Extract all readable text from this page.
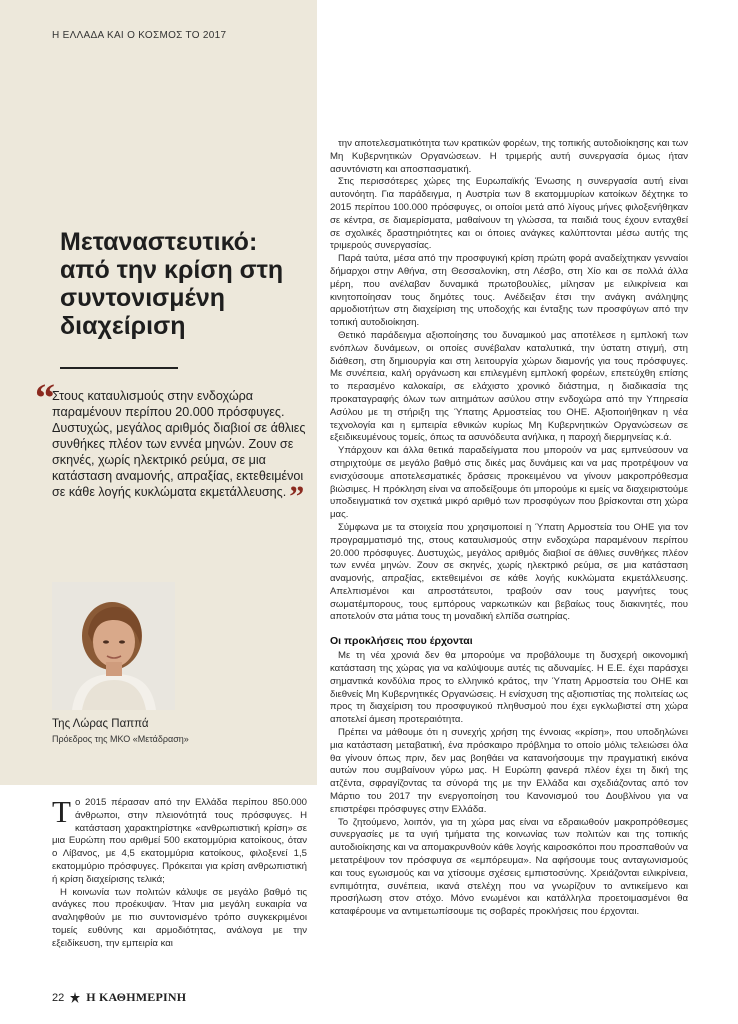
Η ΕΛΛΑΔΑ ΚΑΙ Ο ΚΟΣΜΟΣ ΤΟ 2017
Μεταναστευτικό: από την κρίση στη συντονισμένη διαχείριση
“

Στους καταυλισμούς στην ενδοχώρα παραμένουν περίπου 20.000 πρόσφυγες. Δυστυχώς, μεγάλος αριθμός διαβιοί σε άθλιες συνθήκες πλέον των εννέα μηνών. Ζουν σε σκηνές, χωρίς ηλεκτρικό ρεύμα, σε μια κατάσταση αναμονής, απραξίας, εκτεθειμένοι σε κάθε λογής κυκλώματα εκμετάλλευσης. ”

Της Λώρας Παππά
Πρόεδρος της ΜΚΟ «Μετάδραση»

Το 2015 πέρασαν από την Ελλάδα περίπου 850.000 άνθρωποι, στην πλειονότητά τους πρόσφυγες. Η κατάσταση χαρακτηρίστηκε «ανθρωπιστική κρίση» σε μια Ευρώπη που αριθμεί 500 εκατομμύρια κατοίκους, όταν ο Λίβανος, με 4,5 εκατομμύρια κατοίκους, φιλοξενεί 1,5 εκατομμύριο πρόσφυγες. Πρόκειται για κρίση ανθρωπιστική ή κρίση διαχείρισης τελικά;

Η κοινωνία των πολιτών κάλυψε σε μεγάλο βαθμό τις ανάγκες που προέκυψαν. Ήταν μια μεγάλη ευκαιρία να αναληφθούν με πιο συντονισμένο τρόπο συγκεκριμένοι τομείς ευθύνης και αρμοδιότητας, ανάλογα με την εξειδίκευση, την εμπειρία και

την αποτελεσματικότητα των κρατικών φορέων, της τοπικής αυτοδιοίκησης και των Μη Κυβερνητικών Οργανώσεων. Η τριμερής αυτή συνεργασία όμως ήταν ασυντόνιστη και αποσπασματική.

Στις περισσότερες χώρες της Ευρωπαϊκής Ένωσης η συνεργασία αυτή είναι αυτονόητη. Για παράδειγμα, η Αυστρία των 8 εκατομμυρίων κατοίκων δέχτηκε το 2015 περίπου 100.000 πρόσφυγες, οι οποίοι μετά από λίγους μήνες φιλοξενήθηκαν σε κέντρα, σε διαμερίσματα, μαθαίνουν τη γλώσσα, τα παιδιά τους έχουν ενταχθεί σε σχολικές δραστηριότητες και οι όποιες ανάγκες καλύπτονται μέσω αυτής της τριμερούς συνεργασίας.

Παρά ταύτα, μέσα από την προσφυγική κρίση πρώτη φορά αναδείχτηκαν γενναίοι δήμαρχοι στην Αθήνα, στη Θεσσαλονίκη, στη Λέσβο, στη Χίο και σε πολλά άλλα μέρη, που ανέλαβαν δυναμικά πρωτοβουλίες, μίλησαν με ειλικρίνεια και κινητοποίησαν τους δημότες τους. Ανέδειξαν έτσι την ανάγκη ανάληψης αρμοδιοτήτων στη διαχείριση της υποδοχής και ένταξης των προσφύγων από την τοπική αυτοδιοίκηση.

Θετικό παράδειγμα αξιοποίησης του δυναμικού μας αποτέλεσε η εμπλοκή των ενόπλων δυνάμεων, οι οποίες συνέβαλαν καταλυτικά, την ύστατη στιγμή, στη διάθεση, στη δημιουργία και στη λειτουργία χώρων διαμονής για τους πρόσφυγες. Με συνέπεια, καλή οργάνωση και επιλεγμένη εμπλοκή φορέων, επετεύχθη επίσης το περασμένο καλοκαίρι, σε ελάχιστο χρονικό διάστημα, η διαδικασία της προκαταγραφής όλων των αιτημάτων ασύλου στην ενδοχώρα από την Υπηρεσία Ασύλου με τη στήριξη της Ύπατης Αρμοστείας του ΟΗΕ. Αξιοποιήθηκαν η νέα τεχνολογία και η εμπειρία εθνικών κυρίως Μη Κυβερνητικών Οργανώσεων σε εξειδικευμένους τομείς, όπως τα ασυνόδευτα ανήλικα, η παροχή διερμηνείας κ.ά.

Υπάρχουν και άλλα θετικά παραδείγματα που μπορούν να μας εμπνεύσουν να στηριχτούμε σε μεγάλο βαθμό στις δικές μας δυνάμεις και να μας προτρέψουν να ενισχύσουμε αποτελεσματικές δράσεις προκειμένου να γίνουν μακροπρόθεσμα βιώσιμες. Η πρόκληση είναι να αποδείξουμε ότι μπορούμε κι εμείς να διαχειριστούμε υποδειγματικά τον σχετικά μικρό αριθμό των προσφύγων που βρίσκονται στη χώρα μας.

Σύμφωνα με τα στοιχεία που χρησιμοποιεί η Ύπατη Αρμοστεία του ΟΗΕ για τον προγραμματισμό της, στους καταυλισμούς στην ενδοχώρα παραμένουν περίπου 20.000 πρόσφυγες. Δυστυχώς, μεγάλος αριθμός διαβιοί σε άθλιες συνθήκες πλέον των εννέα μηνών. Ζουν σε σκηνές, χωρίς ηλεκτρικό ρεύμα, σε μια κατάσταση αναμονής, απραξίας, εκτεθειμένοι σε κάθε λογής κυκλώματα εκμετάλλευσης. Απελπισμένοι και απροστάτευτοι, τραβούν σαν τους μαγνήτες τους σωματέμπορους, τους εμπόρους ναρκωτικών και βεβαίως τους διακινητές, που αποτελούν στα μάτια τους τη μοναδική ελπίδα σωτηρίας.

Οι προκλήσεις που έρχονται

Με τη νέα χρονιά δεν θα μπορούμε να προβάλουμε τη δυσχερή οικονομική κατάσταση της χώρας για να καλύψουμε αυτές τις αδυναμίες. Η Ε.Ε. έχει παράσχει σημαντικά κονδύλια προς το ελληνικό κράτος, την Ύπατη Αρμοστεία του ΟΗΕ και διεθνείς Μη Κυβερνητικές Οργανώσεις. Η ενίσχυση της αξιοπιστίας της πολιτείας ως προς τη διαχείριση του προσφυγικού πληθυσμού που έχει εγκλωβιστεί στη χώρα αποτελεί άμεση προτεραιότητα.

Πρέπει να μάθουμε ότι η συνεχής χρήση της έννοιας «κρίση», που υποδηλώνει μια κατάσταση μεταβατική, ένα πρόσκαιρο πρόβλημα το οποίο μόλις τελειώσει όλα θα γίνουν όπως πριν, δεν μας βοηθάει να κατανοήσουμε την πραγματική εικόνα αυτών που συμβαίνουν γύρω μας. Η Ευρώπη φανερά πλέον έχει τη δική της ατζέντα, σφραγίζοντας τα σύνορά της με την Ελλάδα και σχεδιάζοντας από τον Μάρτιο του 2017 την ενεργοποίηση του Κανονισμού του Δουβλίνου για να επιστρέφει πρόσφυγες στην Ελλάδα.

Το ζητούμενο, λοιπόν, για τη χώρα μας είναι να εδραιωθούν μακροπρόθεσμες συνεργασίες με τα υγιή τμήματα της κοινωνίας των πολιτών και της τοπικής αυτοδιοίκησης και να απομακρυνθούν κάθε λογής καιροσκόποι που προσπαθούν να μετατρέψουν τον πρόσφυγα σε «εμπόρευμα». Να αφήσουμε τους ανταγωνισμούς και τους εγωισμούς και να χτίσουμε σχέσεις εμπιστοσύνης. Χρειάζονται ειλικρίνεια, ενπιμότητα, συνέπεια, ικανά στελέχη που να γνωρίζουν το αντικείμενο και προσήλωση στον στόχο. Μόνο ενωμένοι και κατάλληλα προετοιμασμένοι θα καταφέρουμε να αντιμετωπίσουμε τις σοβαρές προκλήσεις που έρχονται.

22 Η ΚΑΘΗΜΕΡΙΝΗ
